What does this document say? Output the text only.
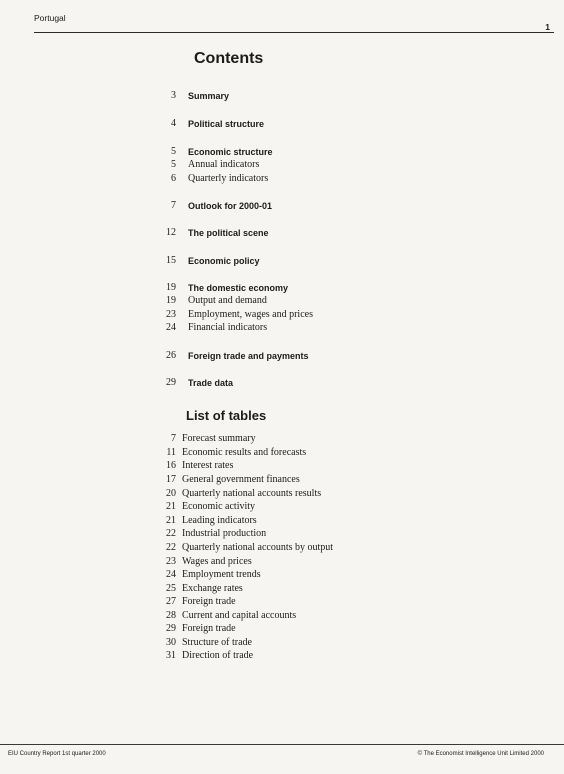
Portugal
1
Contents
3 Summary
4 Political structure
5 Economic structure
5 Annual indicators
6 Quarterly indicators
7 Outlook for 2000-01
12 The political scene
15 Economic policy
19 The domestic economy
19 Output and demand
23 Employment, wages and prices
24 Financial indicators
26 Foreign trade and payments
29 Trade data
List of tables
7 Forecast summary
11 Economic results and forecasts
16 Interest rates
17 General government finances
20 Quarterly national accounts results
21 Economic activity
21 Leading indicators
22 Industrial production
22 Quarterly national accounts by output
23 Wages and prices
24 Employment trends
25 Exchange rates
27 Foreign trade
28 Current and capital accounts
29 Foreign trade
30 Structure of trade
31 Direction of trade
EIU Country Report 1st quarter 2000	© The Economist Intelligence Unit Limited 2000
